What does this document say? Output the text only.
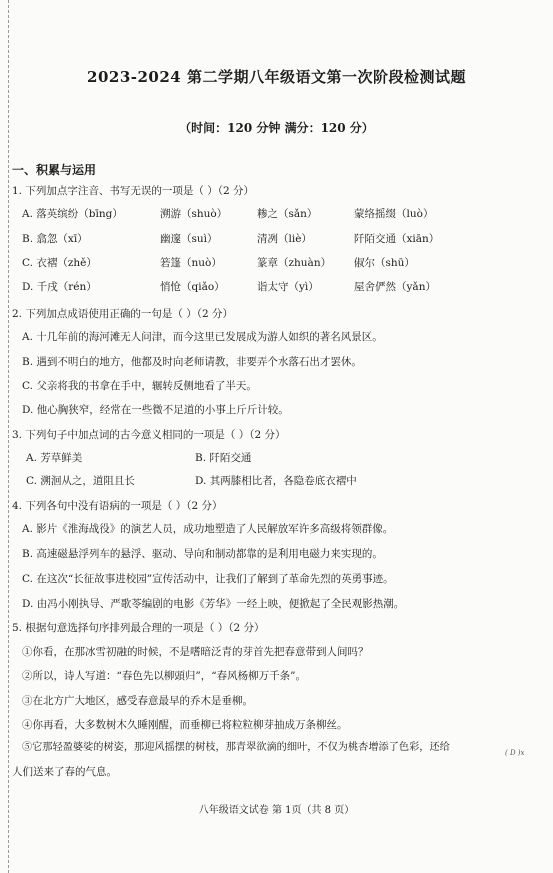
2023-2024 第二学期八年级语文第一次阶段检测试题
（时间：120 分钟 满分：120 分）
一、积累与运用
1. 下列加点字注音、书写无误的一项是（ ）（2 分）
A. 落英缤纷（bīng）	溯游（shuò）	糁之（sǎn）	蒙络摇缀（luò）
B. 翕忽（xī）	幽邃（suì）	清冽（liè）	阡陌交通（xiān）
C. 衣褶（zhě）	箬篷（nuò）	篆章（zhuàn） 俶尔（shū）
D. 千戌（rén）	悄怆（qiǎo）	诣太守（yì）	屋舍俨然（yǎn）
2. 下列加点成语使用正确的一句是（ ）（2 分）
A. 十几年前的海河滩无人问津，而今这里已发展成为游人如织的著名风景区。
B. 遇到不明白的地方，他都及时向老师请教，非要弄个水落石出才罢休。
C. 父亲将我的书拿在手中，辗转反侧地看了半天。
D. 他心胸狭窄，经常在一些微不足道的小事上斤斤计较。
3. 下列句子中加点词的古今意义相同的一项是（ ）（2 分）
A. 芳草鲜美	B. 阡陌交通
C. 溯洄从之，道阻且长	D. 其两膝相比者，各隐卷底衣褶中
4. 下列各句中没有语病的一项是（ ）（2 分）
A. 影片《淮海战役》的演艺人员，成功地塑造了人民解放军许多高级将领群像。
B. 高速磁悬浮列车的悬浮、驱动、导向和制动都靠的是利用电磁力来实现的。
C. 在这次“长征故事进校园”宣传活动中，让我们了解到了革命先烈的英勇事迹。
D. 由冯小刚执导、严歌苓编剧的电影《芳华》一经上映，便掀起了全民观影热潮。
5. 根据句意选择句序排列最合理的一项是（ ）（2 分）
①你看，在那冰雪初融的时候，不是嗜暗泛青的芽首先把春意带到人间吗？
②所以，诗人写道：“春色先以柳頭归”，“春风杨柳万千条”。
③在北方广大地区，感受春意最早的乔木是垂柳。
④你再看，大多数树木久睡刚醒，而垂柳已将粒粒柳芽抽成万条柳丝。
⑤它那轻盈婆娑的树姿，那迎风摇摆的树枝，那青翠欲滴的细叶，不仅为桃杏增添了色彩，还给
人们送来了春的气息。
( D )x
八年级语文试卷 第 1页（共 8 页）
